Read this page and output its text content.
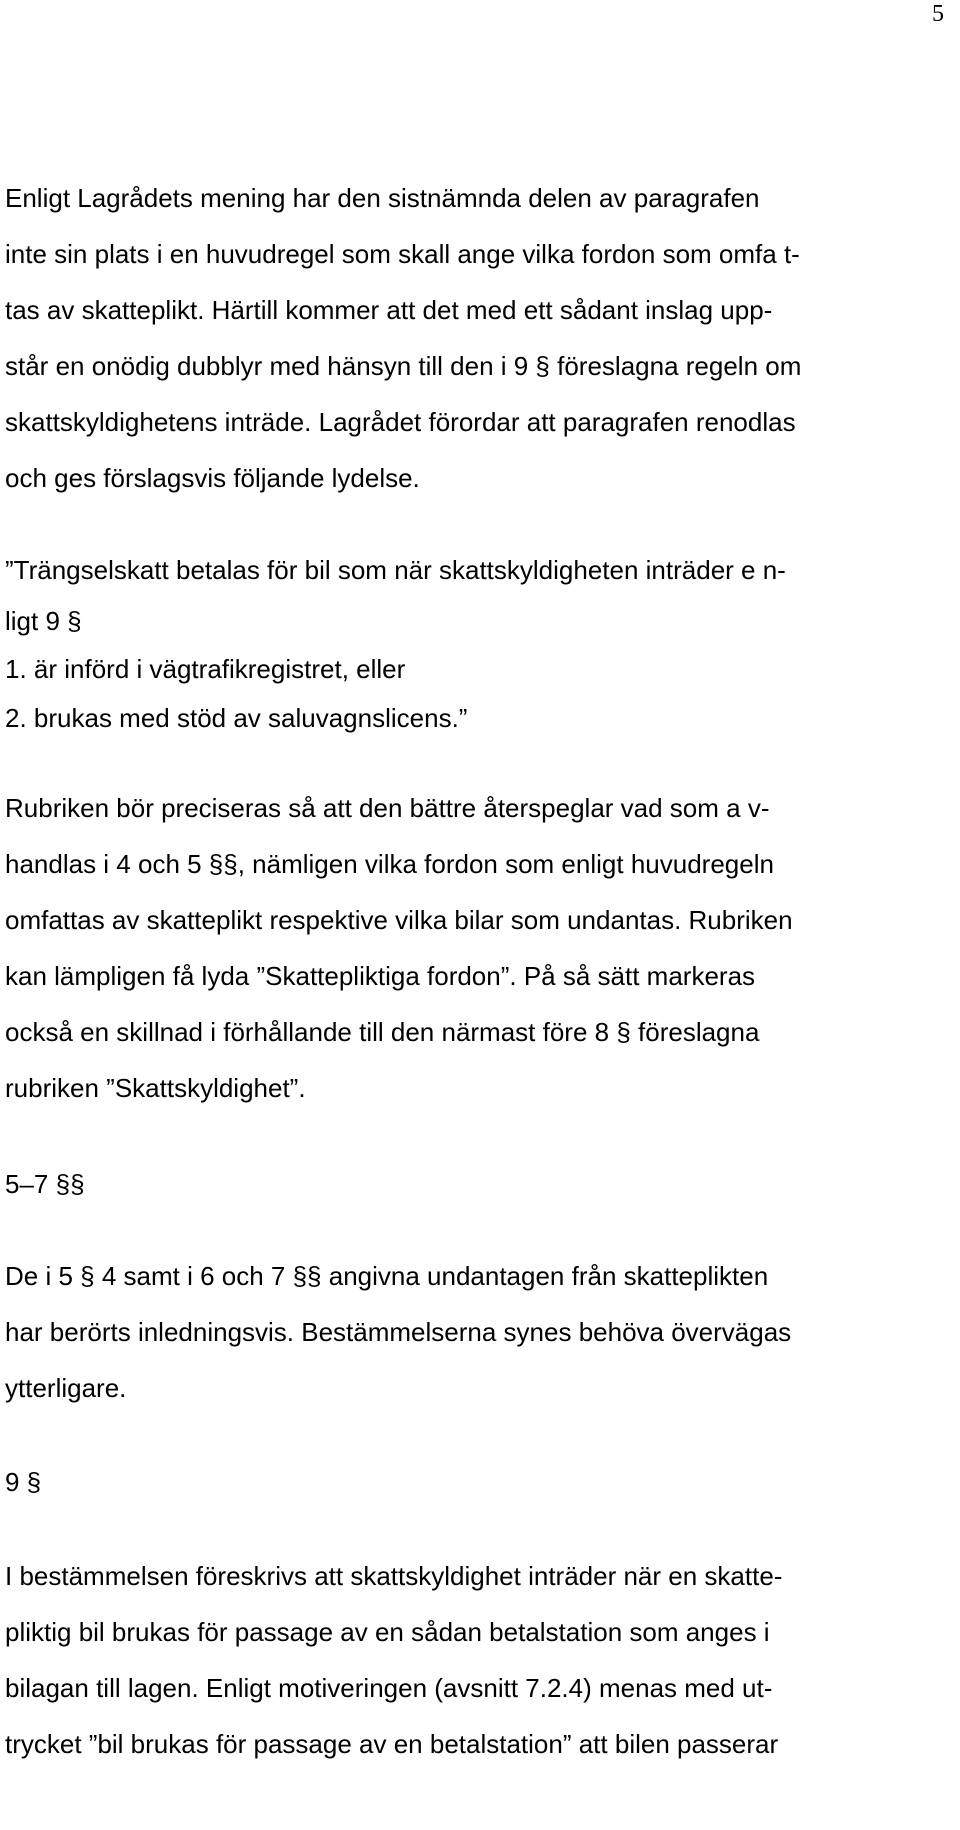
5
Enligt Lagrådets mening har den sistnämnda delen av paragrafen
inte sin plats i en huvudregel som skall ange vilka fordon som omfa t-
tas av skatteplikt. Härtill kommer att det med ett sådant inslag upp-
står en onödig dubblyr med hänsyn till den i 9 § föreslagna regeln om
skattskyldighetens inträde. Lagrådet förordar att paragrafen renodlas
och ges förslagsvis följande lydelse.
”Trängselskatt betalas för bil som när skattskyldigheten inträder e n-
ligt 9 §
1. är införd i vägtrafikregistret, eller
2. brukas med stöd av saluvagnslicens.”
Rubriken bör preciseras så att den bättre återspeglar vad som a v-
handlas i 4 och 5 §§, nämligen vilka fordon som enligt huvudregeln
omfattas av skatteplikt respektive vilka bilar som undantas. Rubriken
kan lämpligen få lyda ”Skattepliktiga fordon”. På så sätt markeras
också en skillnad i förhållande till den närmast före 8 § föreslagna
rubriken ”Skattskyldighet”.
5–7 §§
De i 5 § 4 samt i 6 och 7 §§ angivna undantagen från skatteplikten
har berörts inledningsvis. Bestämmelserna synes behöva övervägas
ytterligare.
9 §
I bestämmelsen föreskrivs att skattskyldighet inträder när en skatte-
pliktig bil brukas för passage av en sådan betalstation som anges i
bilagan till lagen. Enligt motiveringen (avsnitt 7.2.4) menas med ut-
trycket ”bil brukas för passage av en betalstation” att bilen passerar
